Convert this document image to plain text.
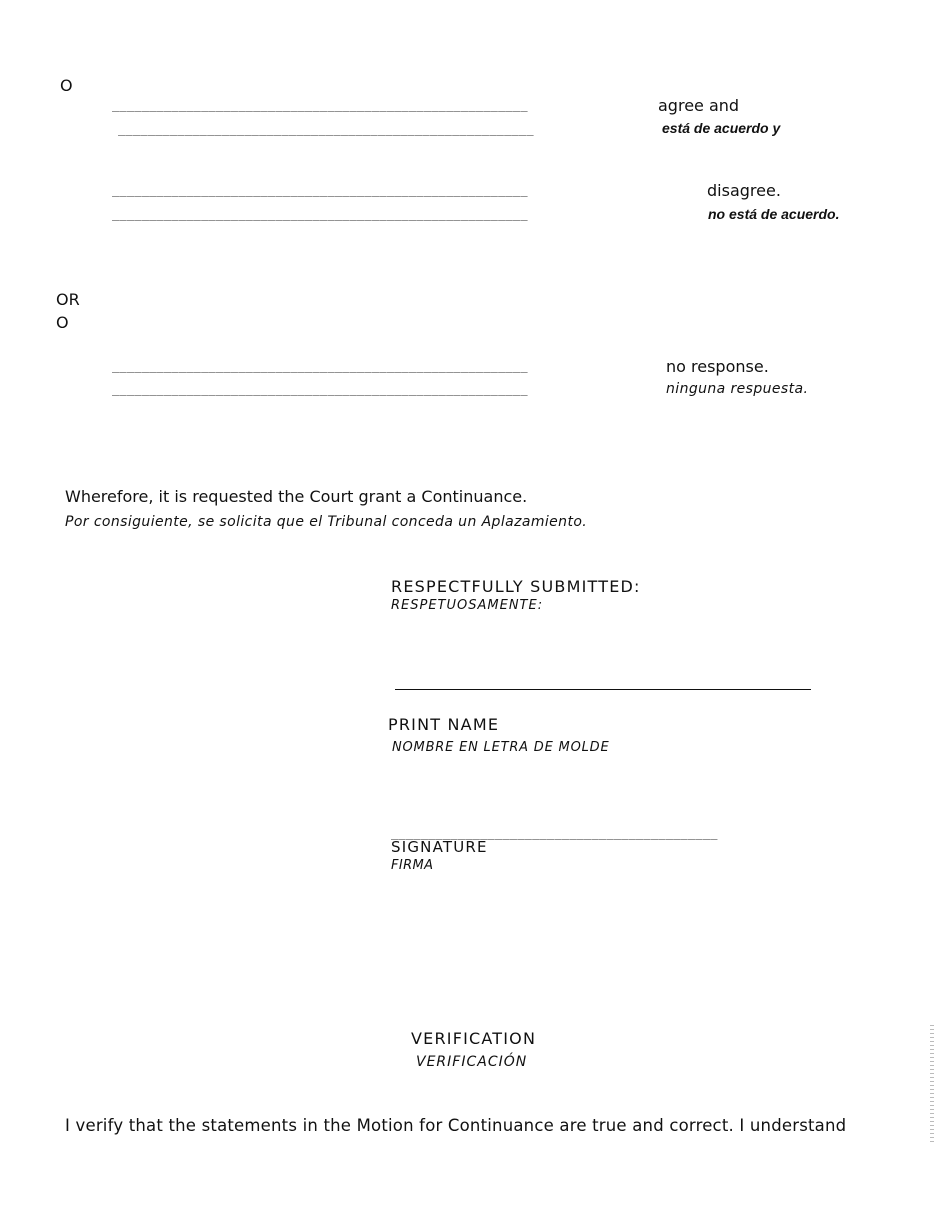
O
________________________________________________________	agree and
________________________________________________________	está de acuerdo y
________________________________________________________	disagree.
________________________________________________________	no está de acuerdo.
OR
O
________________________________________________________	no response.
________________________________________________________	ninguna respuesta.
Wherefore, it is requested the Court grant a Continuance.
Por consiguiente, se solicita que el Tribunal conceda un Aplazamiento.
RESPECTFULLY SUBMITTED:
RESPETUOSAMENTE:
PRINT NAME
NOMBRE EN LETRA DE MOLDE
____________________________________________
SIGNATURE
FIRMA
VERIFICATION
VERIFICACIÓN
I verify that the statements in the Motion for Continuance are true and correct. I understand
